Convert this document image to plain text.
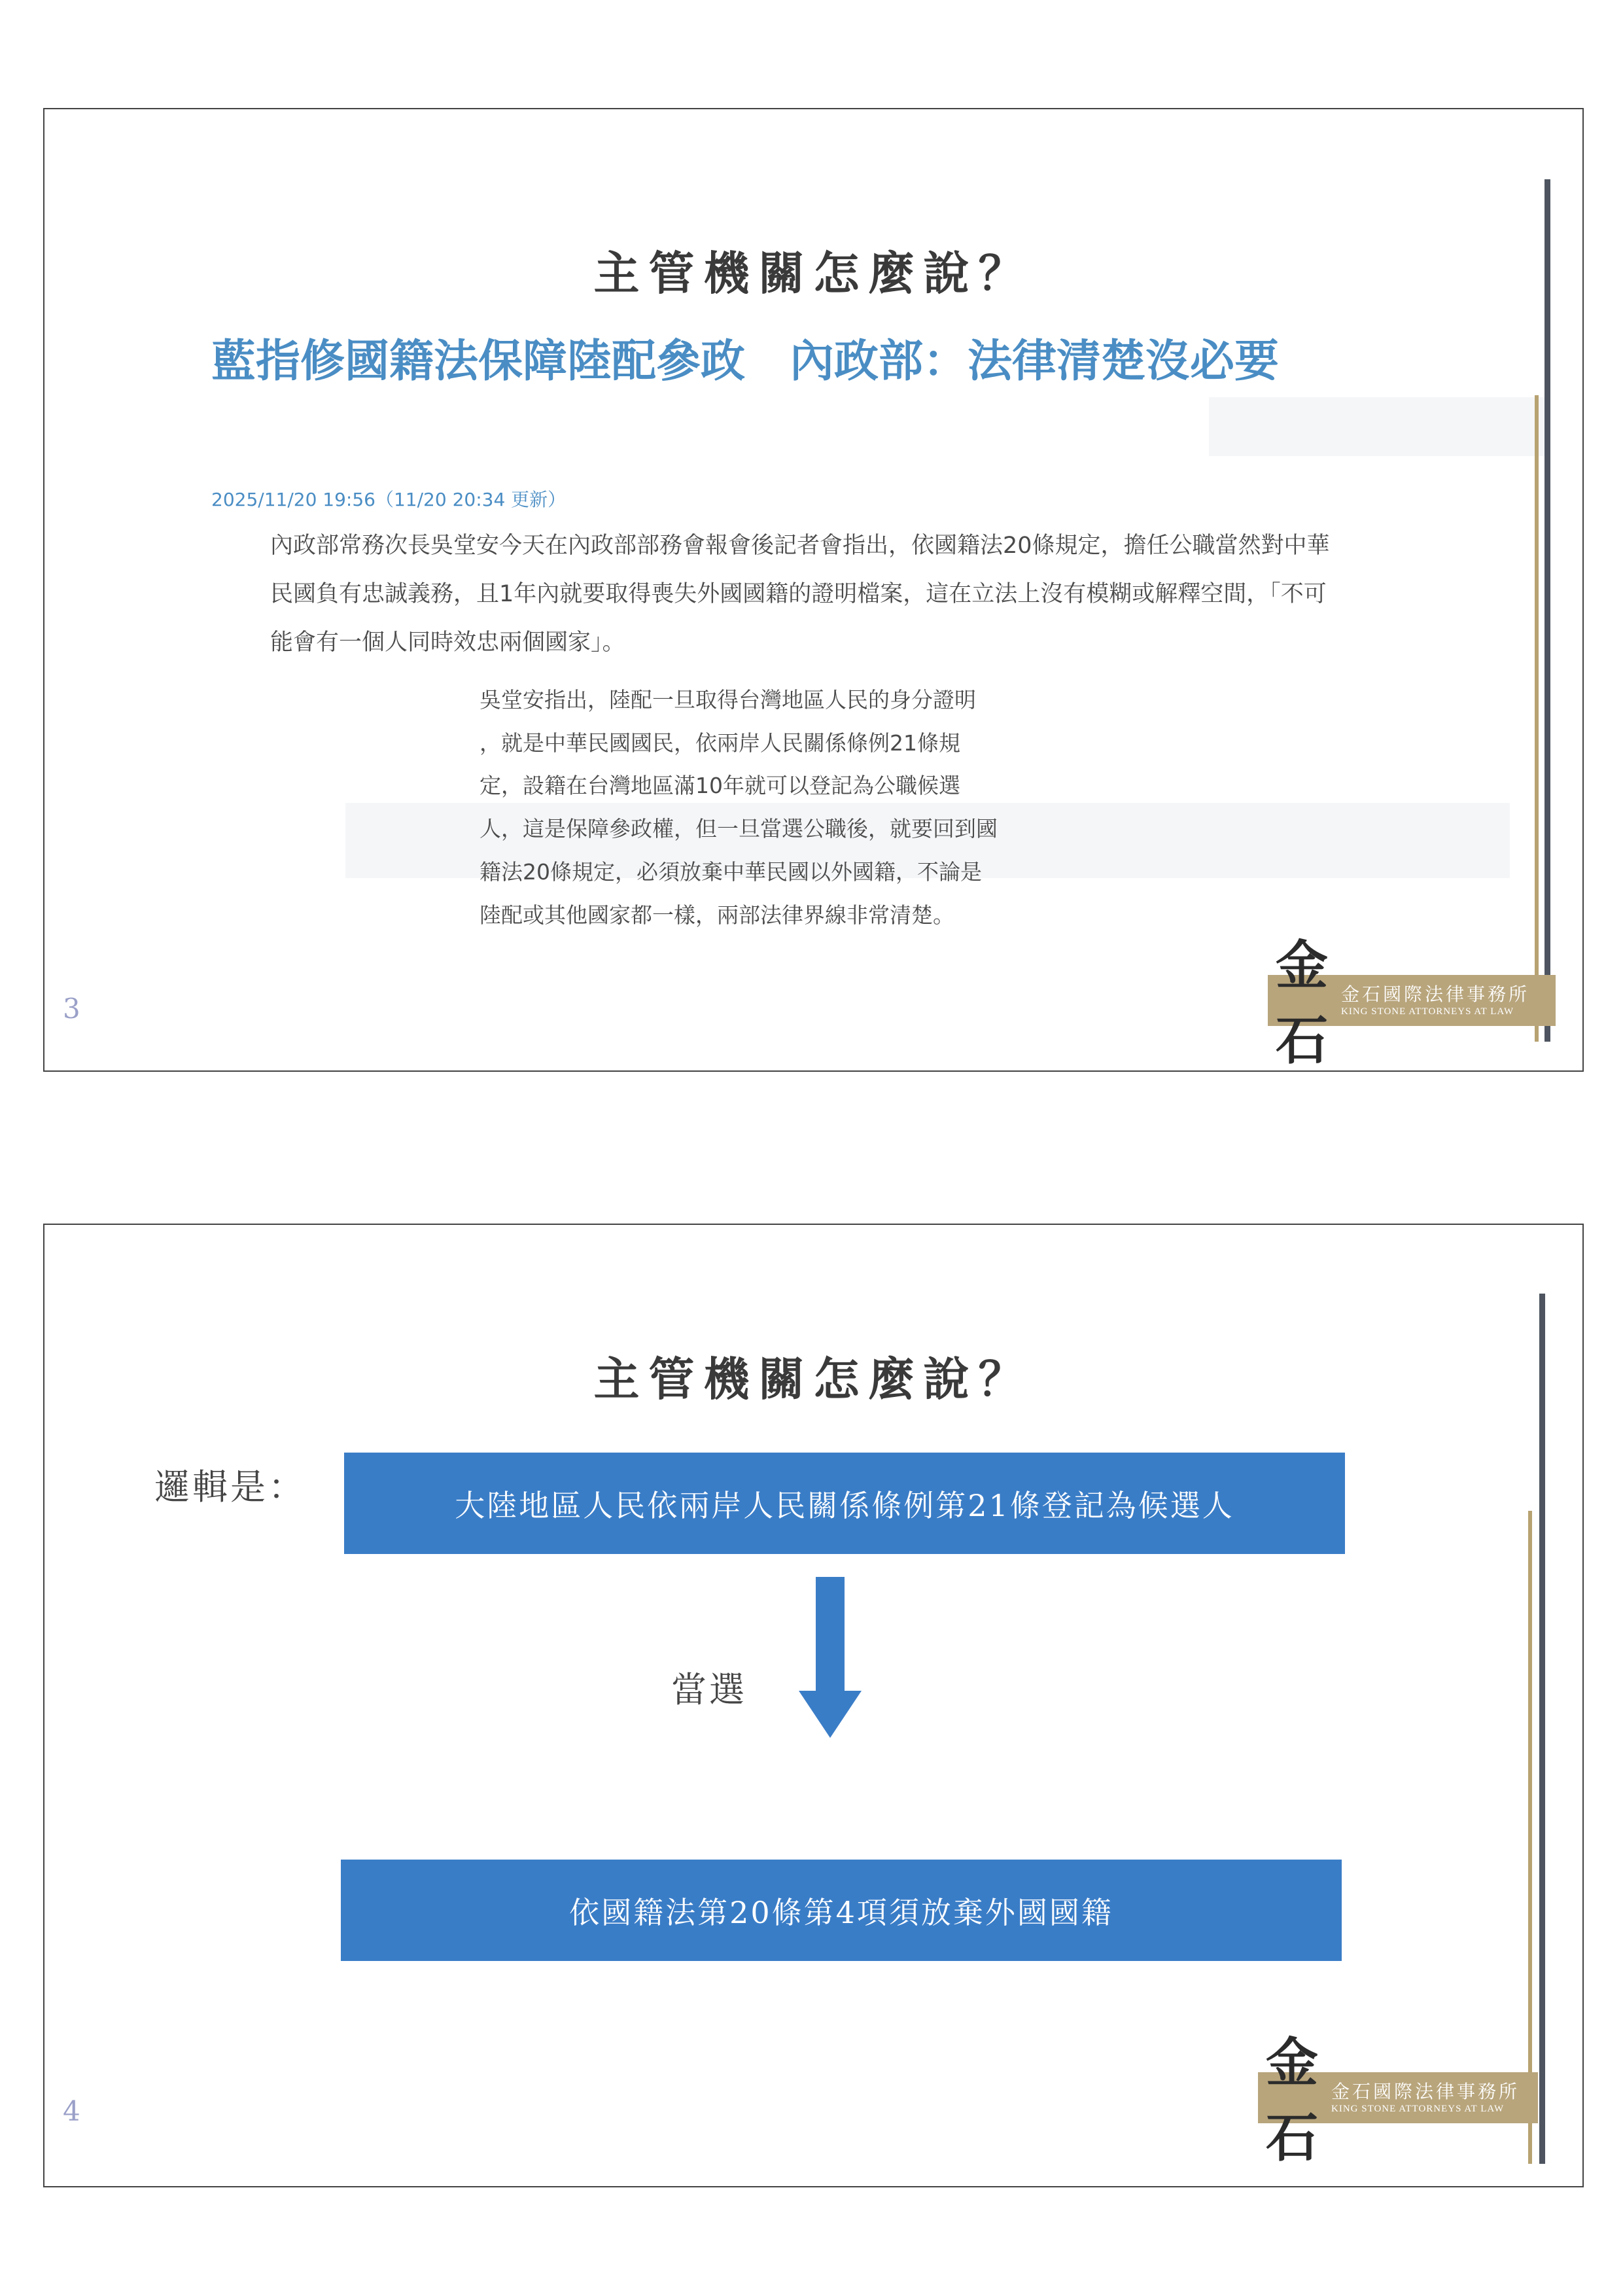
主管機關怎麼說？
藍指修國籍法保障陸配參政　內政部：法律清楚沒必要
2025/11/20 19:56（11/20 20:34 更新）
內政部常務次長吳堂安今天在內政部部務會報會後記者會指出，依國籍法20條規定，擔任公職當然對中華民國負有忠誠義務，且1年內就要取得喪失外國國籍的證明檔案，這在立法上沒有模糊或解釋空間，「不可能會有一個人同時效忠兩個國家」。
吳堂安指出，陸配一旦取得台灣地區人民的身分證明 ，就是中華民國國民，依兩岸人民關係條例21條規定，設籍在台灣地區滿10年就可以登記為公職候選人，這是保障參政權，但一旦當選公職後，就要回到國籍法20條規定，必須放棄中華民國以外國籍，不論是陸配或其他國家都一樣，兩部法律界線非常清楚。
3
金石
金石國際法律事務所
KING STONE ATTORNEYS AT LAW
主管機關怎麼說？
邏輯是：	大陸地區人民依兩岸人民關係條例第21條登記為候選人
當選
依國籍法第20條第4項須放棄外國國籍
4
金石
金石國際法律事務所
KING STONE ATTORNEYS AT LAW
